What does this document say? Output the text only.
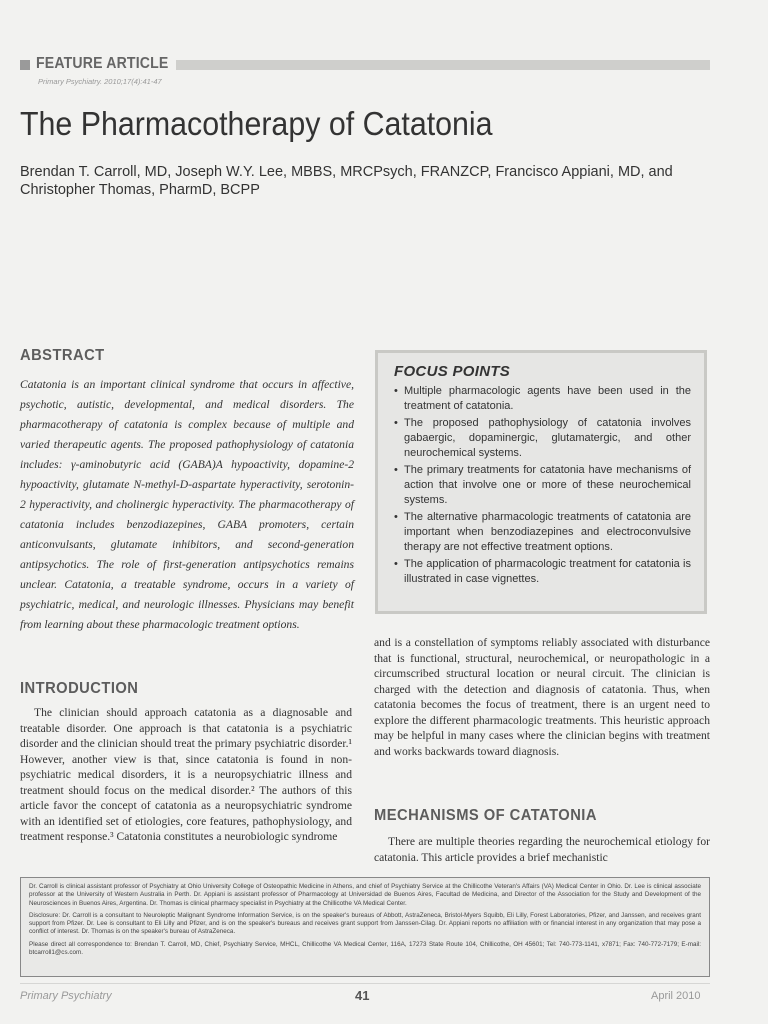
FEATURE ARTICLE
Primary Psychiatry. 2010;17(4):41-47
The Pharmacotherapy of Catatonia
Brendan T. Carroll, MD, Joseph W.Y. Lee, MBBS, MRCPsych, FRANZCP, Francisco Appiani, MD, and Christopher Thomas, PharmD, BCPP
ABSTRACT
Catatonia is an important clinical syndrome that occurs in affective, psychotic, autistic, developmental, and medical disorders. The pharmacotherapy of catatonia is complex because of multiple and varied therapeutic agents. The proposed pathophysiology of catatonia includes: γ-aminobutyric acid (GABA)A hypoactivity, dopamine-2 hypoactivity, glutamate N-methyl-D-aspartate hyperactivity, serotonin-2 hyperactivity, and cholinergic hyperactivity. The pharmacotherapy of catatonia includes benzodiazepines, GABA promoters, certain anticonvulsants, glutamate inhibitors, and second-generation antipsychotics. The role of first-generation antipsychotics remains unclear. Catatonia, a treatable syndrome, occurs in a variety of psychiatric, medical, and neurologic illnesses. Physicians may benefit from learning about these pharmacologic treatment options.
FOCUS POINTS
• Multiple pharmacologic agents have been used in the treatment of catatonia.
• The proposed pathophysiology of catatonia involves gabaergic, dopaminergic, glutamatergic, and other neurochemical systems.
• The primary treatments for catatonia have mechanisms of action that involve one or more of these neurochemical systems.
• The alternative pharmacologic treatments of catatonia are important when benzodiazepines and electroconvulsive therapy are not effective treatment options.
• The application of pharmacologic treatment for catatonia is illustrated in case vignettes.
INTRODUCTION

The clinician should approach catatonia as a diagnosable and treatable disorder. One approach is that catatonia is a psychiatric disorder and the clinician should treat the primary psychiatric disorder.¹ However, another view is that, since catatonia is found in non-psychiatric medical disorders, it is a neuropsychiatric illness and treatment should focus on the medical disorder.² The authors of this article favor the concept of catatonia as a neuropsychiatric syndrome with an identified set of etiologies, core features, pathophysiology, and treatment response.³ Catatonia constitutes a neurobiologic syndrome

and is a constellation of symptoms reliably associated with disturbance that is functional, structural, neurochemical, or neuropathologic in a circumscribed structural location or neural circuit. The clinician is charged with the detection and diagnosis of catatonia. Thus, when catatonia becomes the focus of treatment, there is an urgent need to explore the different pharmacologic treatments. This heuristic approach may be helpful in many cases where the clinician begins with treatment and works backwards toward diagnosis.

MECHANISMS OF CATATONIA

There are multiple theories regarding the neurochemical etiology for catatonia. This article provides a brief mechanistic

Dr. Carroll is clinical assistant professor of Psychiatry at Ohio University College of Osteopathic Medicine in Athens, and chief of Psychiatry Service at the Chillicothe Veteran's Affairs (VA) Medical Center in Ohio. Dr. Lee is clinical associate professor at the University of Western Australia in Perth. Dr. Appiani is assistant professor of Pharmacology at Universidad de Buenos Aires, Facultad de Medicina, and Director of the Association for the Study and Development of the Neurosciences in Buenos Aires, Argentina. Dr. Thomas is clinical pharmacy specialist in Psychiatry at the Chillicothe VA Medical Center.

Disclosure: Dr. Carroll is a consultant to Neuroleptic Malignant Syndrome Information Service, is on the speaker's bureaus of Abbott, AstraZeneca, Bristol-Myers Squibb, Eli Lilly, Forest Laboratories, Pfizer, and Janssen, and receives grant support from Pfizer. Dr. Lee is consultant to Eli Lilly and Pfizer, and is on the speaker's bureaus and receives grant support from Janssen-Cilag. Dr. Appiani reports no affiliation with or financial interest in any organization that may pose a conflict of interest. Dr. Thomas is on the speaker's bureau of AstraZeneca.

Please direct all correspondence to: Brendan T. Carroll, MD, Chief, Psychiatry Service, MHCL, Chillicothe VA Medical Center, 116A, 17273 State Route 104, Chillicothe, OH 45601; Tel: 740-773-1141, x7871; Fax: 740-772-7179; E-mail: btcarroll1@cs.com.

Primary Psychiatry	41	April 2010
